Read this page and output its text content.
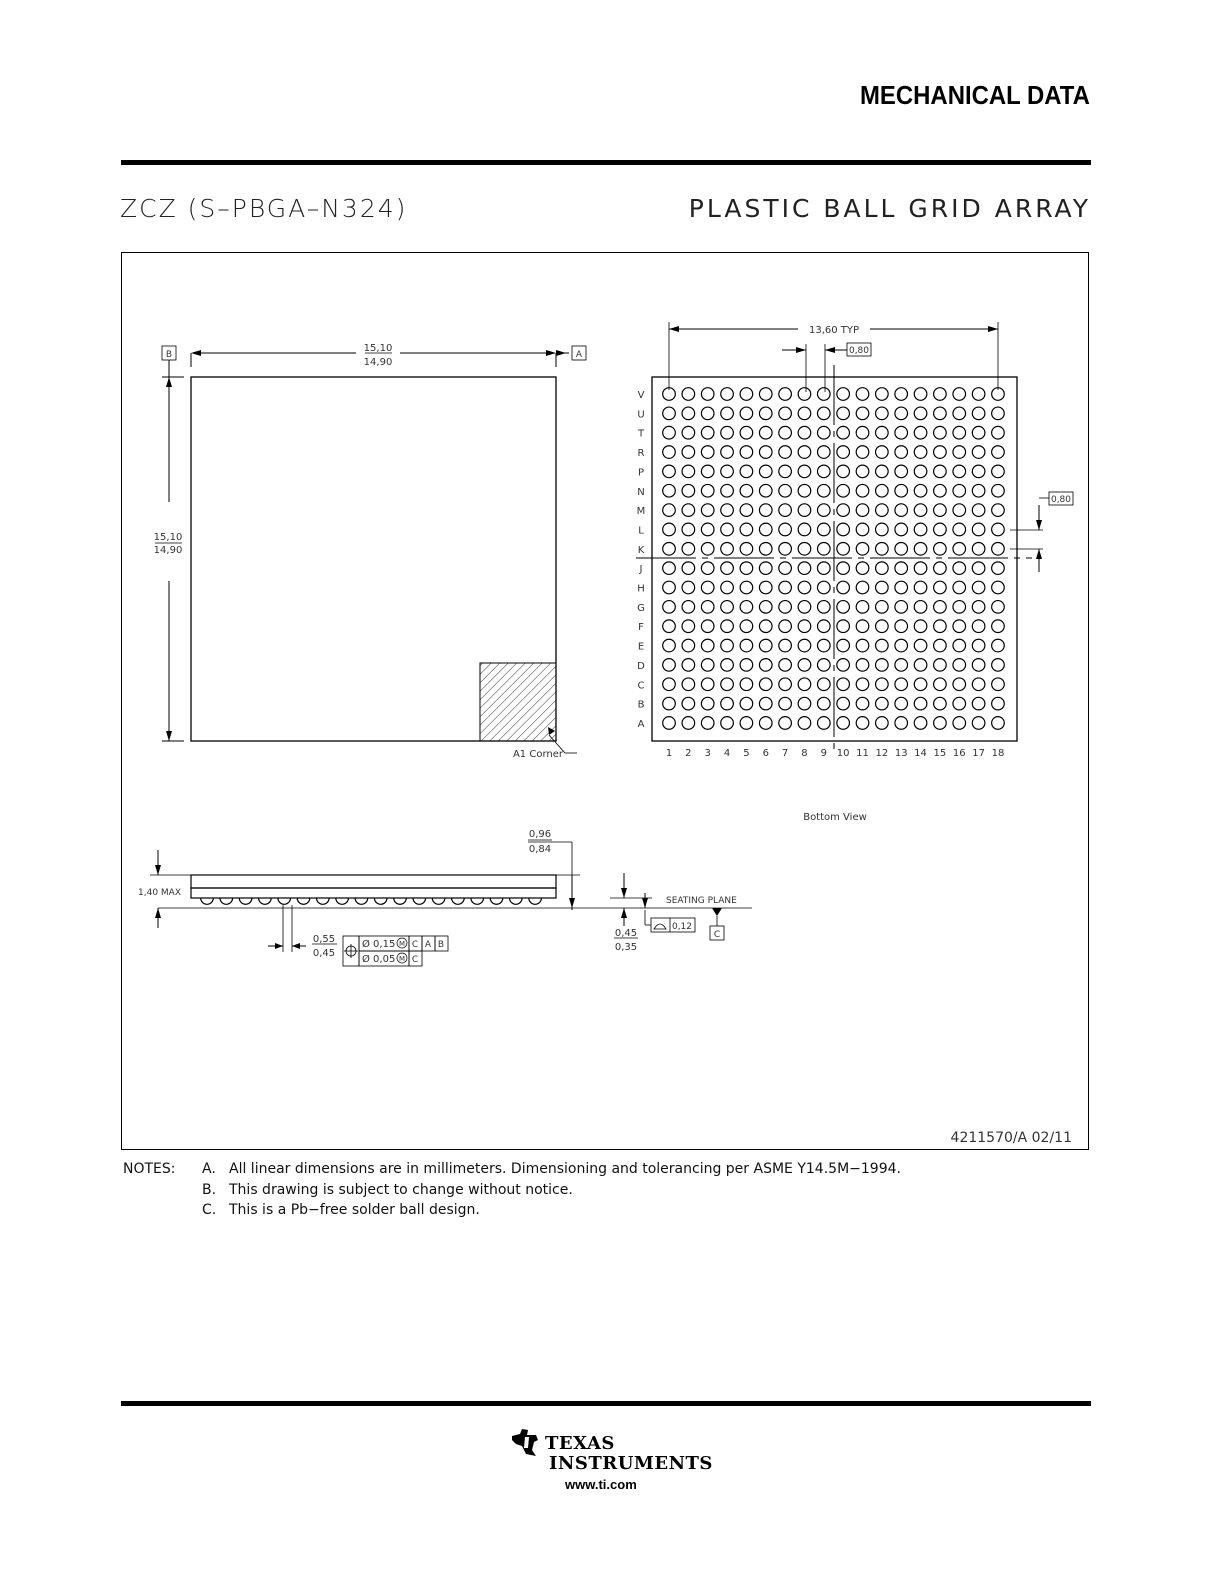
MECHANICAL DATA
ZCZ (S–PBGA–N324)	PLASTIC BALL GRID ARRAY
15,10
14,90
A
B
15,10
14,90
A1 Corner
V
U
T
R
P
N
M
L
K
J
H
G
F
E
D
C
B
A
1 2 3 4 5 6 7 8 9 10 11 12 13 14 15 16 17 18
13,60 TYP
0,80
0,80
Bottom View
1,40 MAX
0,96
0,84
0,45
0,35
0,12
SEATING PLANE
C
0,55
0,45
Ø 0,15 M C A B
Ø 0,05 M C
4211570/A 02/11
NOTES: A. All linear dimensions are in millimeters. Dimensioning and tolerancing per ASME Y14.5M−1994.
B. This drawing is subject to change without notice.
C. This is a Pb−free solder ball design.
TEXAS
INSTRUMENTS
www.ti.com
